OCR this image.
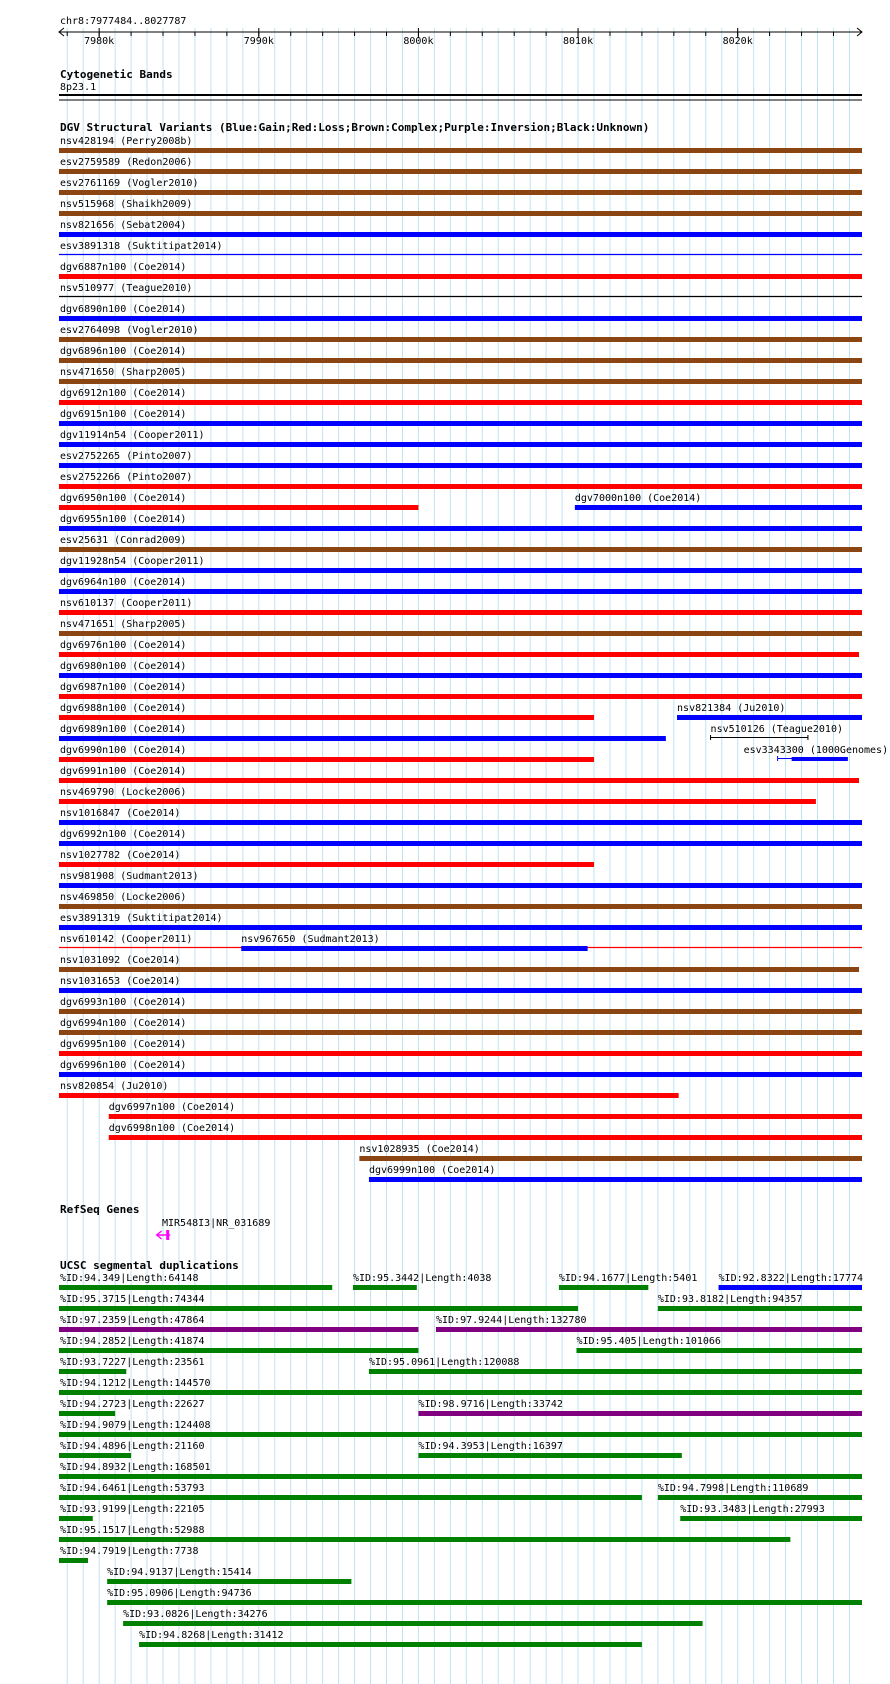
chr8:7977484..8027787
7980k	7990k	8000k	8010k	8020k
Cytogenetic Bands
8p23.1
DGV Structural Variants (Blue:Gain;Red:Loss;Brown:Complex;Purple:Inversion;Black:Unknown)
nsv428194 (Perry2008b)
esv2759589 (Redon2006)
esv2761169 (Vogler2010)
nsv515968 (Shaikh2009)
nsv821656 (Sebat2004)
esv3891318 (Suktitipat2014)
dgv6887n100 (Coe2014)
nsv510977 (Teague2010)
dgv6890n100 (Coe2014)
esv2764098 (Vogler2010)
dgv6896n100 (Coe2014)
nsv471650 (Sharp2005)
dgv6912n100 (Coe2014)
dgv6915n100 (Coe2014)
dgv11914n54 (Cooper2011)
esv2752265 (Pinto2007)
esv2752266 (Pinto2007)
dgv6950n100 (Coe2014)	dgv7000n100 (Coe2014)
dgv6955n100 (Coe2014)
esv25631 (Conrad2009)
dgv11928n54 (Cooper2011)
dgv6964n100 (Coe2014)
nsv610137 (Cooper2011)
nsv471651 (Sharp2005)
dgv6976n100 (Coe2014)
dgv6980n100 (Coe2014)
dgv6987n100 (Coe2014)
dgv6988n100 (Coe2014)	nsv821384 (Ju2010)
dgv6989n100 (Coe2014)	nsv510126 (Teague2010)
dgv6990n100 (Coe2014)	esv3343300 (1000Genomes)
dgv6991n100 (Coe2014)
nsv469790 (Locke2006)
nsv1016847 (Coe2014)
dgv6992n100 (Coe2014)
nsv1027782 (Coe2014)
nsv981908 (Sudmant2013)
nsv469850 (Locke2006)
esv3891319 (Suktitipat2014)
nsv610142 (Cooper2011)	nsv967650 (Sudmant2013)
nsv1031092 (Coe2014)
nsv1031653 (Coe2014)
dgv6993n100 (Coe2014)
dgv6994n100 (Coe2014)
dgv6995n100 (Coe2014)
dgv6996n100 (Coe2014)
nsv820854 (Ju2010)
dgv6997n100 (Coe2014)
dgv6998n100 (Coe2014)
nsv1028935 (Coe2014)
dgv6999n100 (Coe2014)
RefSeq Genes
MIR548I3|NR_031689
UCSC segmental duplications
%ID:94.349|Length:64148	%ID:95.3442|Length:4038	%ID:94.1677|Length:5401 %ID:92.8322|Length:17774
%ID:95.3715|Length:74344	%ID:93.8182|Length:94357
%ID:97.2359|Length:47864	%ID:97.9244|Length:132780
%ID:94.2852|Length:41874	%ID:95.405|Length:101066
%ID:93.7227|Length:23561	%ID:95.0961|Length:120088
%ID:94.1212|Length:144570
%ID:94.2723|Length:22627	%ID:98.9716|Length:33742
%ID:94.9079|Length:124408
%ID:94.4896|Length:21160	%ID:94.3953|Length:16397
%ID:94.8932|Length:168501
%ID:94.6461|Length:53793	%ID:94.7998|Length:110689
%ID:93.9199|Length:22105	%ID:93.3483|Length:27993
%ID:95.1517|Length:52988
%ID:94.7919|Length:7738
%ID:94.9137|Length:15414
%ID:95.0906|Length:94736
%ID:93.0826|Length:34276
%ID:94.8268|Length:31412
